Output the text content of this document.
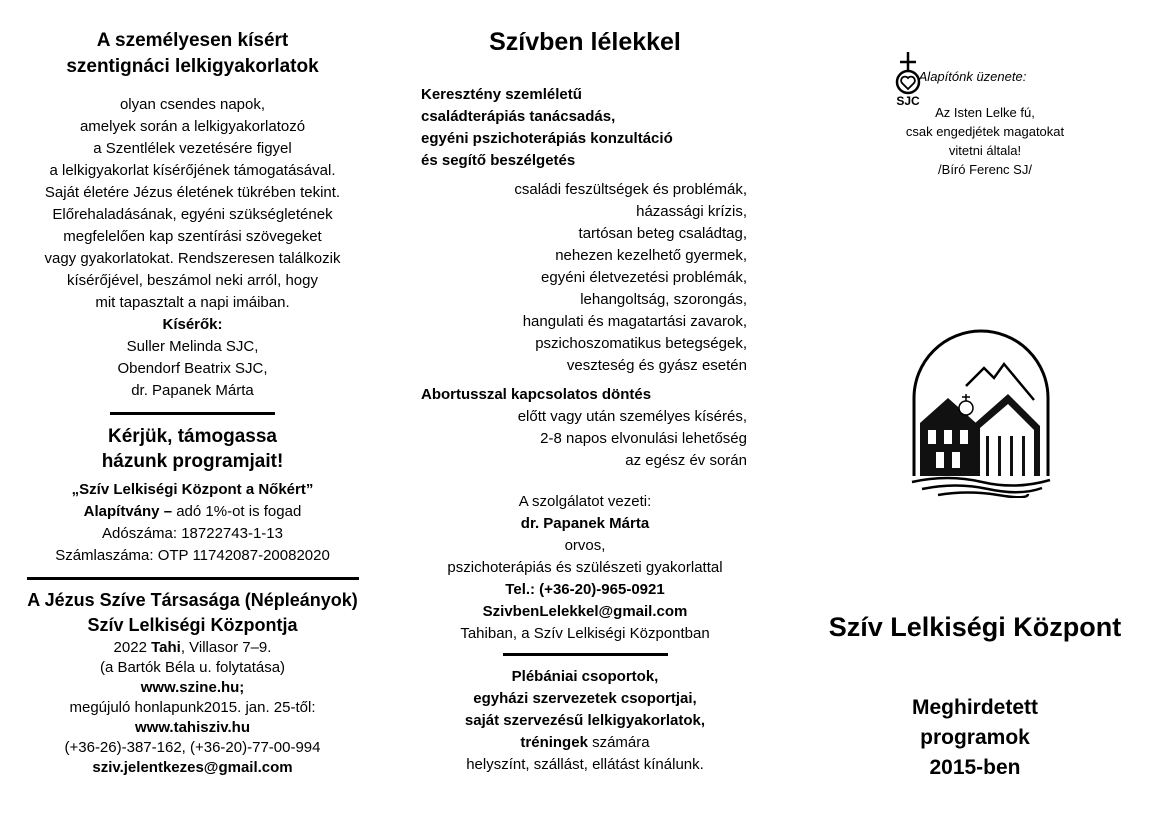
A személyesen kísért
szentignáci lelkigyakorlatok
olyan csendes napok,
amelyek során a lelkigyakorlatozó
a Szentlélek vezetésére figyel
a lelkigyakorlat kísérőjének támogatásával.
Saját életére Jézus életének tükrében tekint.
Előrehaladásának, egyéni szükségletének
megfelelően kap szentírási szövegeket
vagy gyakorlatokat. Rendszeresen találkozik
kísérőjével, beszámol neki arról, hogy
mit tapasztalt a napi imáiban.
Kísérők:
Suller Melinda SJC,
Obendorf Beatrix SJC,
dr. Papanek Márta
Kérjük, támogassa
házunk programjait!
„Szív Lelkiségi Központ a Nőkért”
Alapítvány – adó 1%-ot is fogad
Adószáma: 18722743-1-13
Számlaszáma: OTP 11742087-20082020
A Jézus Szíve Társasága (Népleányok)
Szív Lelkiségi Központja
2022 Tahi, Villasor 7–9.
(a Bartók Béla u. folytatása)
www.szine.hu;
megújuló honlapunk2015. jan. 25-től:
www.tahisziv.hu
(+36-26)-387-162, (+36-20)-77-00-994
sziv.jelentkezes@gmail.com
Szívben lélekkel
Keresztény szemléletű
családterápiás tanácsadás,
egyéni pszichoterápiás konzultáció
és segítő beszélgetés
családi feszültségek és problémák,
házassági krízis,
tartósan beteg családtag,
nehezen kezelhető gyermek,
egyéni életvezetési problémák,
lehangoltság, szorongás,
hangulati és magatartási zavarok,
pszichoszomatikus betegségek,
veszteség és gyász esetén
Abortusszal kapcsolatos döntés
előtt vagy után személyes kísérés,
2-8 napos elvonulási lehetőség
az egész év során
A szolgálatot vezeti:
dr. Papanek Márta
orvos,
pszichoterápiás és szülészeti gyakorlattal
Tel.: (+36-20)-965-0921
SzivbenLelekkel@gmail.com
Tahiban, a Szív Lelkiségi Központban
Plébániai csoportok,
egyházi szervezetek csoportjai,
saját szervezésű lelkigyakorlatok,
tréningek számára
helyszínt, szállást, ellátást kínálunk.
SJC
Alapítónk üzenete:
Az Isten Lelke fú,
csak engedjétek magatokat
vitetni általa!
/Bíró Ferenc SJ/
Szív Lelkiségi Központ
Meghirdetett
programok
2015-ben
